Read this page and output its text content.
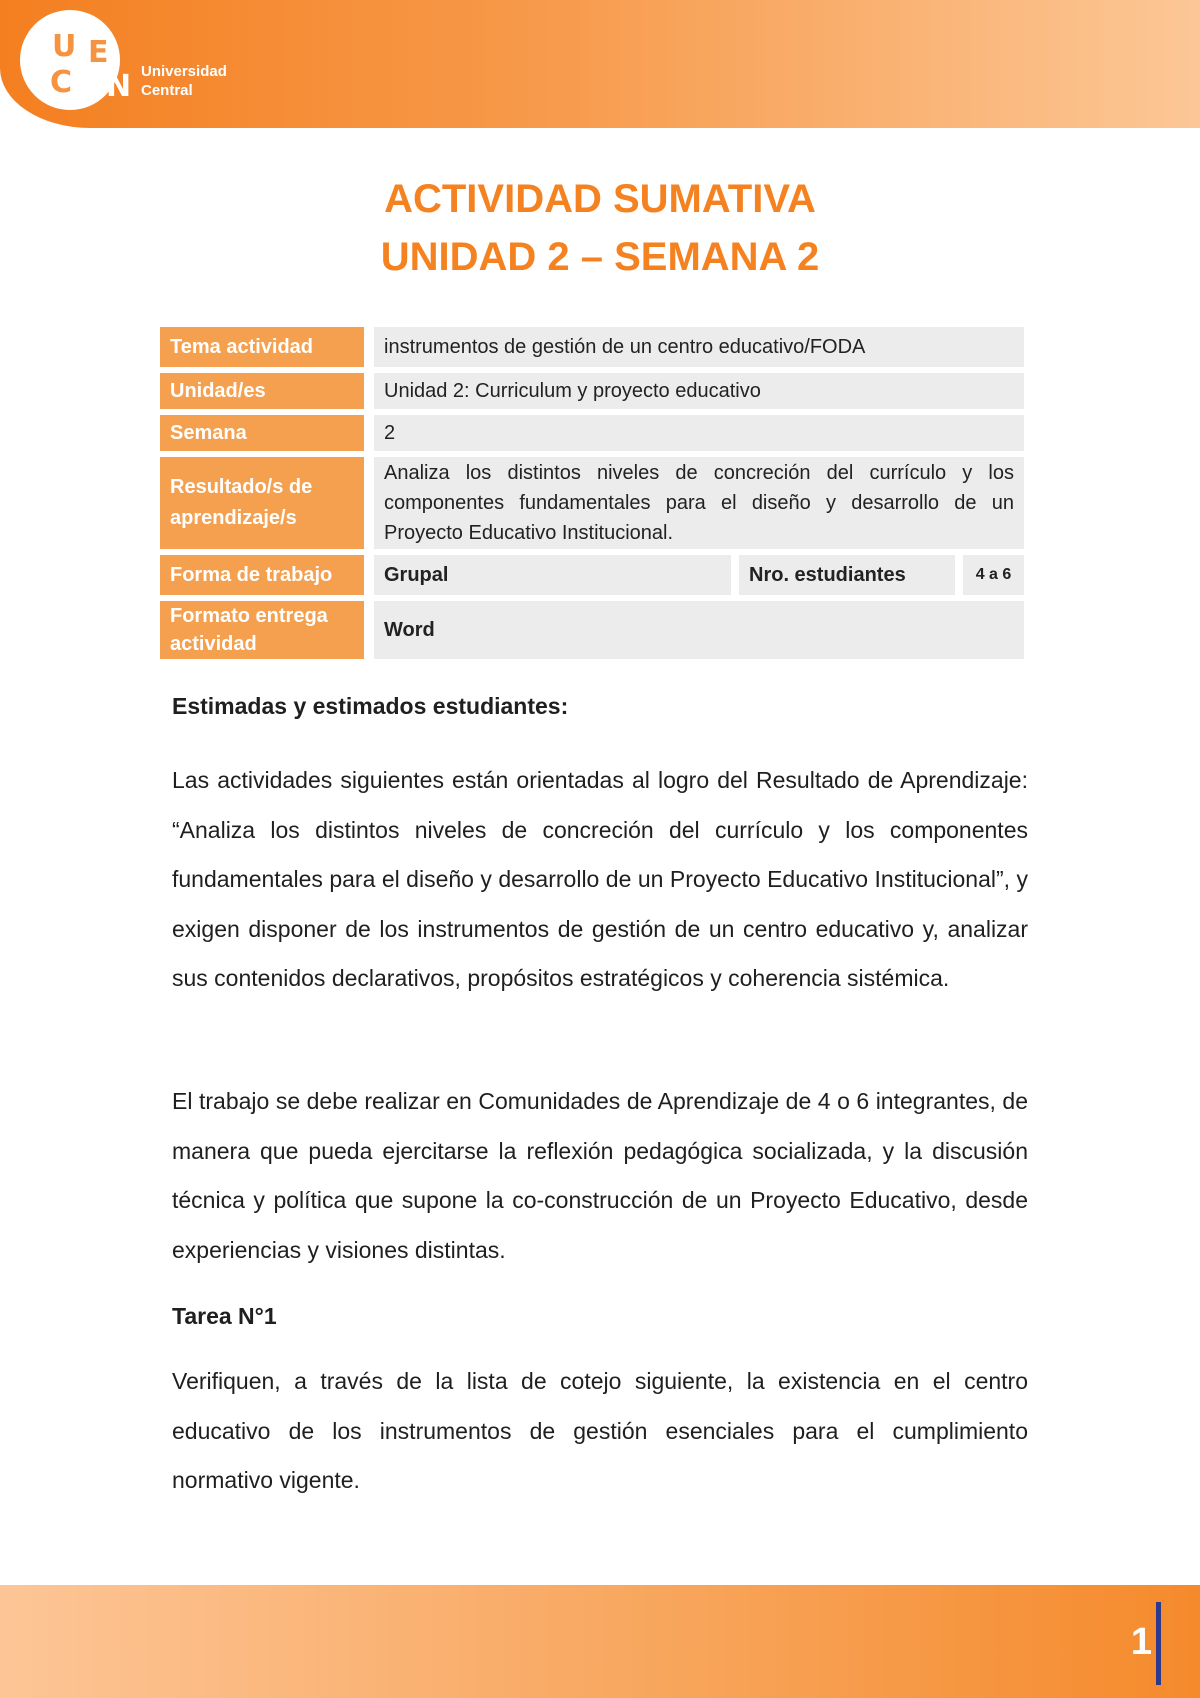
U
C
E
N Universidad
Central
ACTIVIDAD SUMATIVA
UNIDAD 2 – SEMANA 2
Tema actividad	instrumentos de gestión de un centro educativo/FODA		
Unidad/es	Unidad 2: Curriculum y proyecto educativo		
Semana	2		
Resultado/s de aprendizaje/s	Analiza los distintos niveles de concreción del currículo y los componentes fundamentales para el diseño y desarrollo de un Proyecto Educativo Institucional.		
Forma de trabajo	Grupal	Nro. estudiantes	4 a 6
Formato entrega actividad	Word		

Estimadas y estimados estudiantes:

Las actividades siguientes están orientadas al logro del Resultado de Aprendizaje: “Analiza los distintos niveles de concreción del currículo y los componentes fundamentales para el diseño y desarrollo de un Proyecto Educativo Institucional”, y exigen disponer de los instrumentos de gestión de un centro educativo y, analizar sus contenidos declarativos, propósitos estratégicos y coherencia sistémica.

El trabajo se debe realizar en Comunidades de Aprendizaje de 4 o 6 integrantes, de manera que pueda ejercitarse la reflexión pedagógica socializada, y la discusión técnica y política que supone la co-construcción de un Proyecto Educativo, desde experiencias y visiones distintas.

Tarea N°1

Verifiquen, a través de la lista de cotejo siguiente, la existencia en el centro educativo de los instrumentos de gestión esenciales para el cumplimiento normativo vigente.

1
